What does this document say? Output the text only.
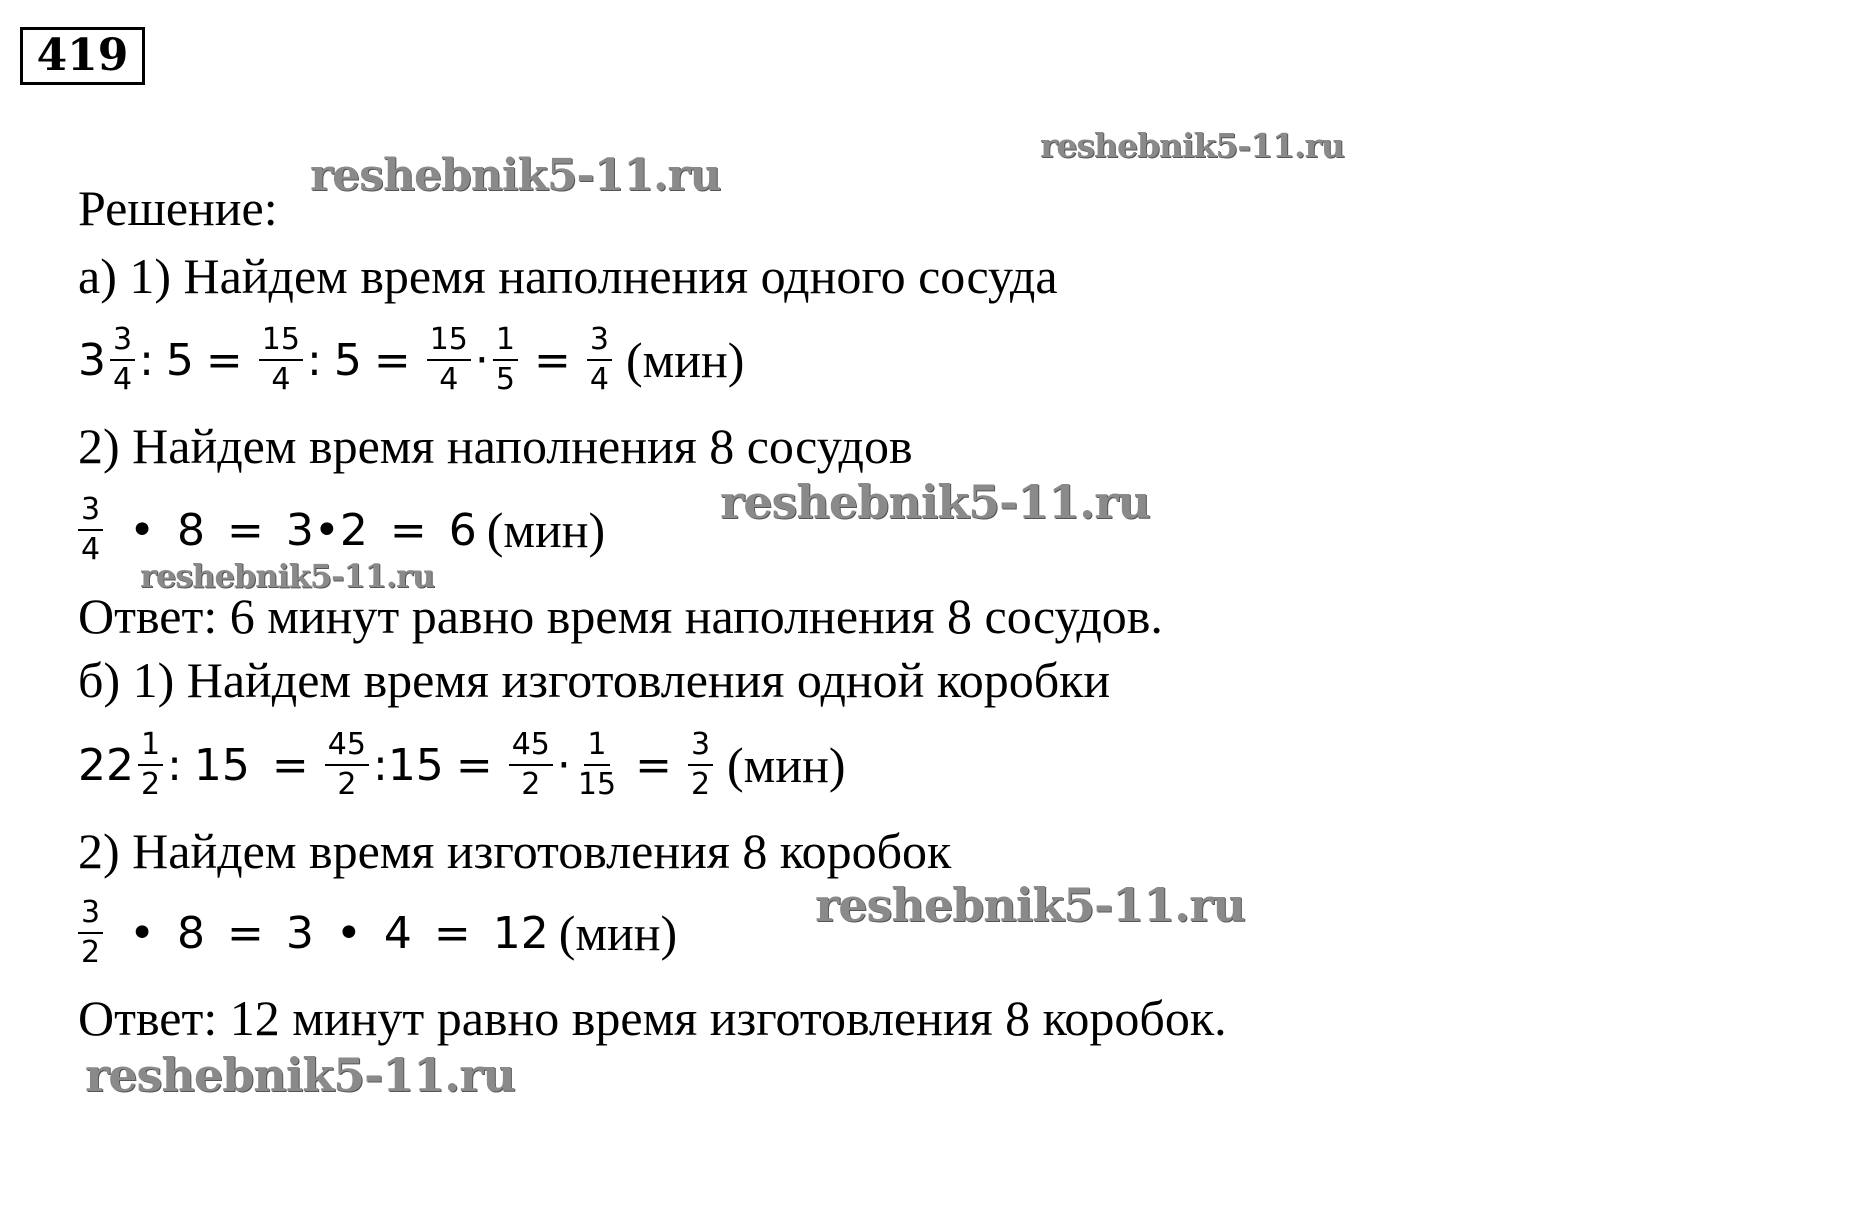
419
Решение:
а) 1) Найдем время наполнения одного сосуда
$3 \frac{3}{4}$ : $5 = \frac{15}{4}$ : $5 = \frac{15}{4} \cdot \frac{1}{5} = \frac{3}{4} (мин)$
2) Найдем время наполнения 8 сосудов
$\frac{3}{4}$ • 8 = 3 • 2 = 6 (мин)
Ответ: 6 минут равно время наполнения 8 сосудов.
б) 1) Найдем время изготовления одной коробки
$22 \frac{1}{2}$ : $15 = \frac{45}{2}$ : $15 = \frac{45}{2} \cdot \frac{1}{15} = \frac{3}{2} (мин)$
2) Найдем время изготовления 8 коробок
$\frac{3}{2}$ • 8 = 3 • 4 = 12 (мин)
Ответ: 12 минут равно время изготовления 8 коробок.
reshebnik5-11.ru
reshebnik5-11.ru
reshebnik5-11.ru
reshebnik5-11.ru
reshebnik5-11.ru
reshebnik5-11.ru
